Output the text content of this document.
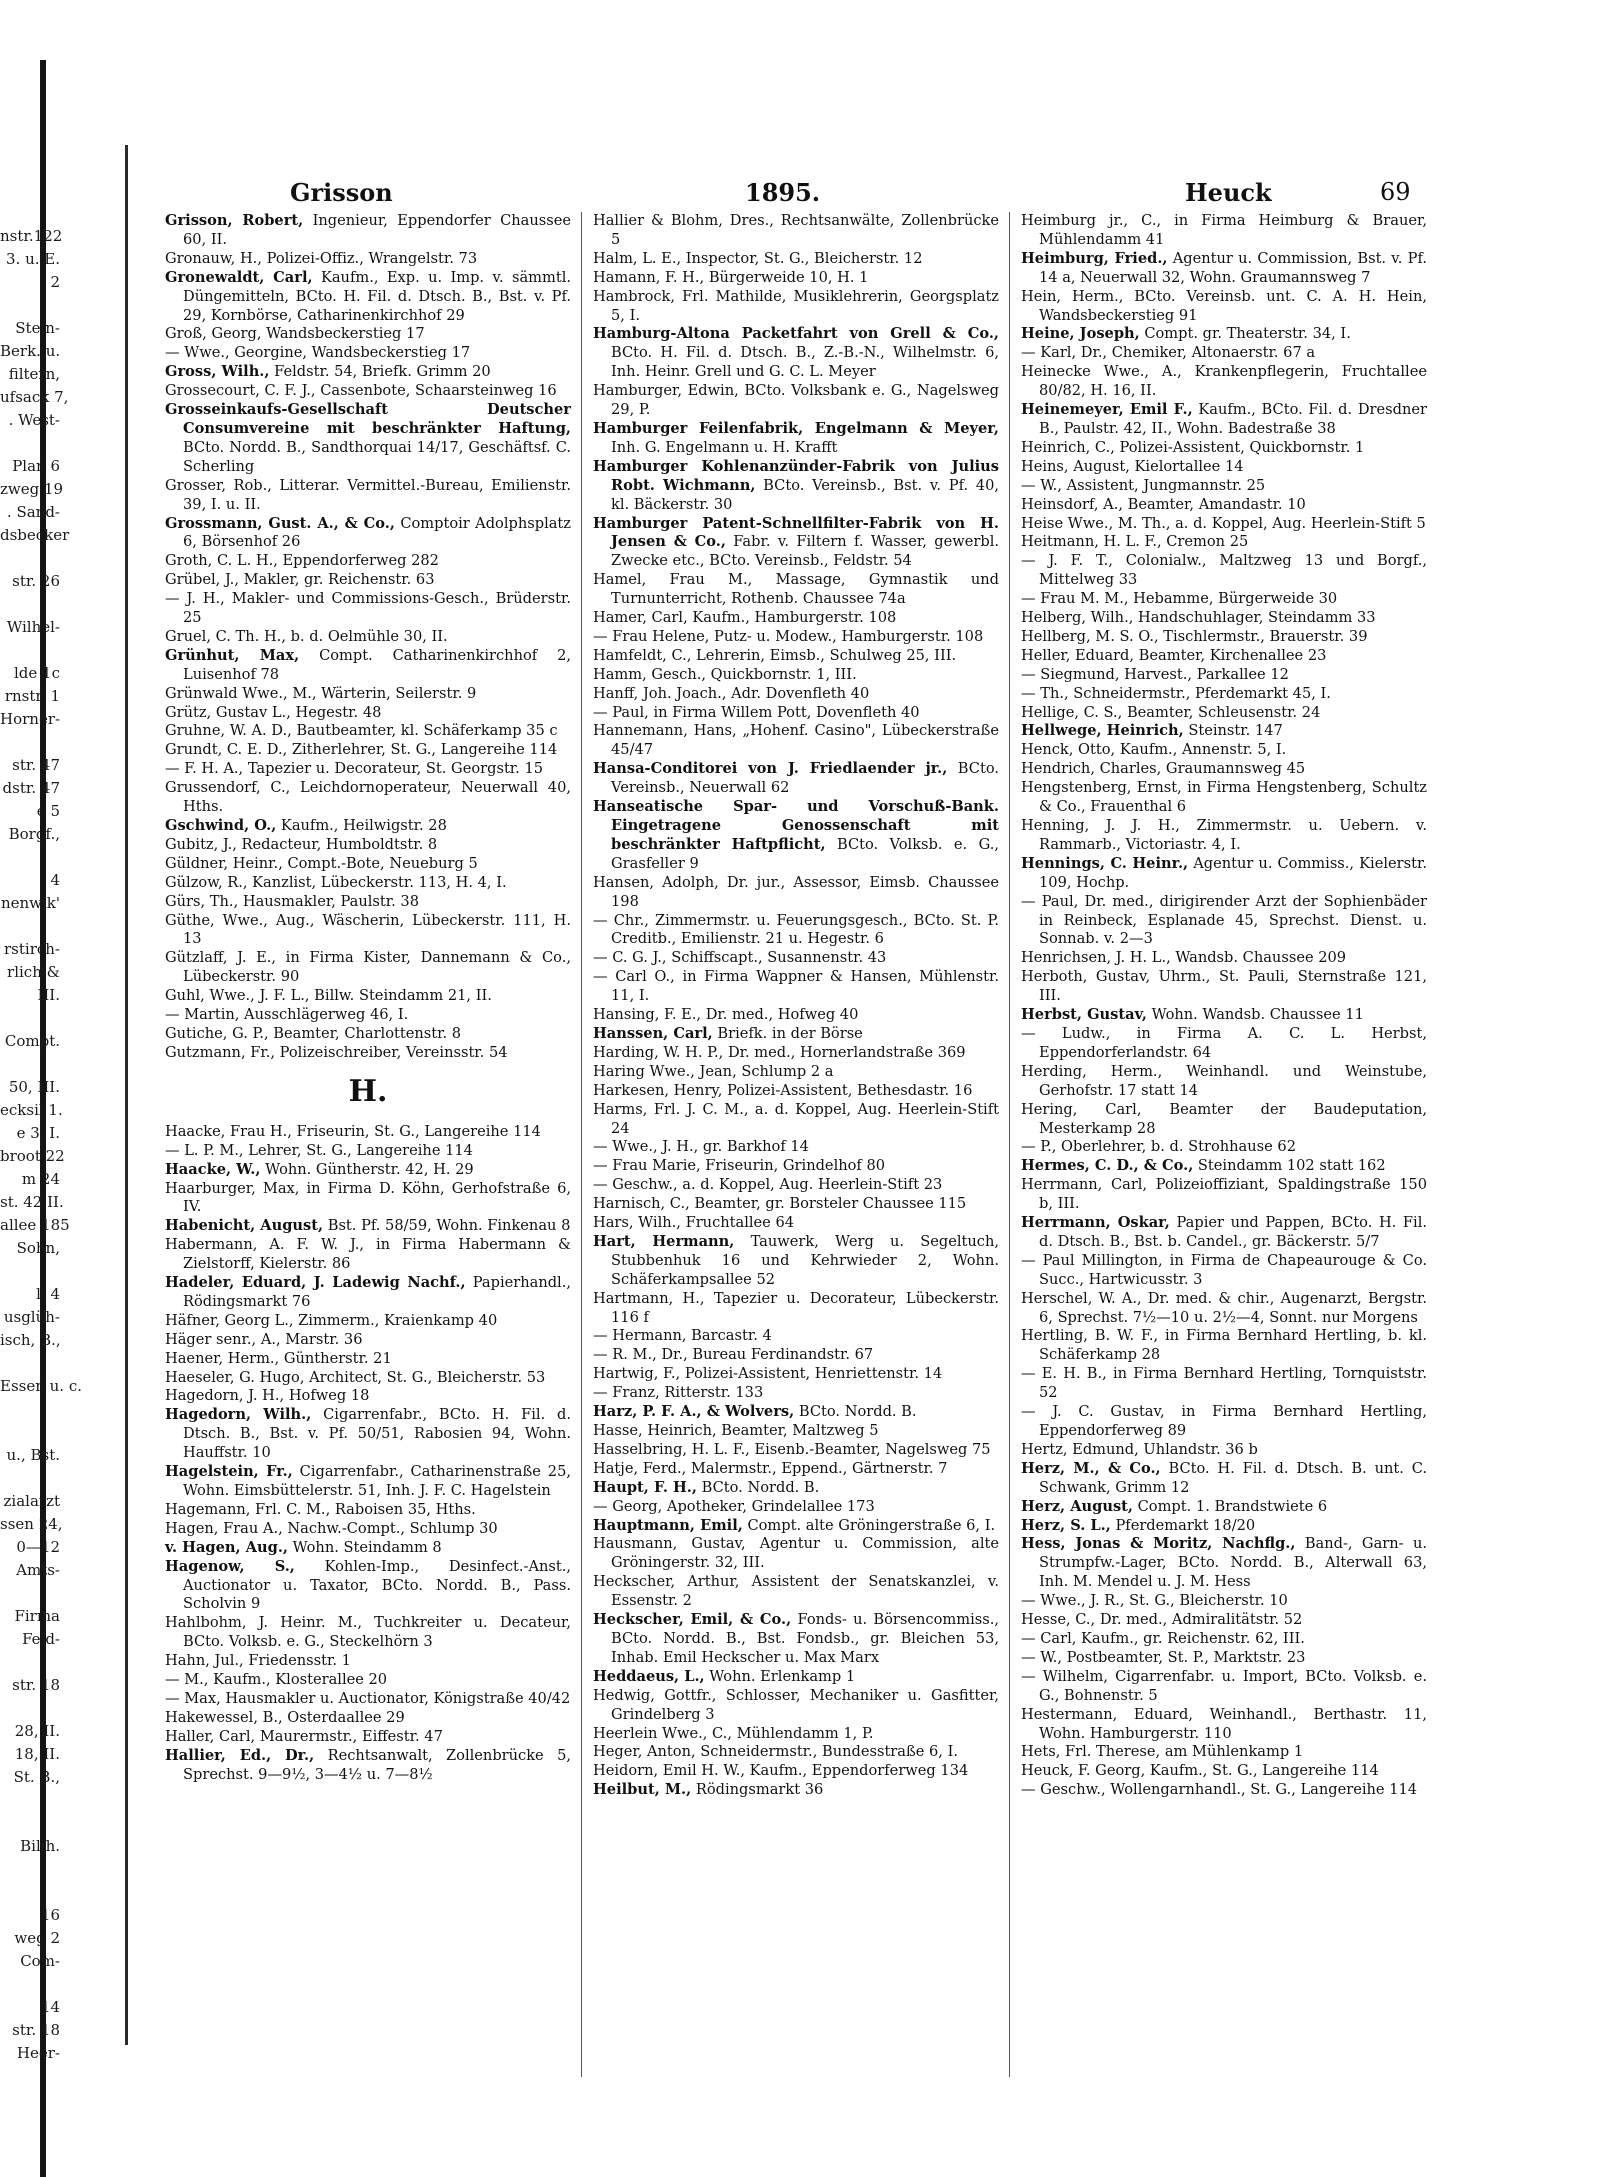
nstr.122
3. u. E.
2
Stein-
Berk. u.
filtern,
ufsack 7,
. West-
Plan 6
zweg 19
. Sand-
dsbecker
str. 26
Wilhel-
lde 1c
rnstr. 1
Horner-
str. 47
dstr. 47
e 5
Borgf.,
4
nenwik'
rstirch-
rlich &
III.
Compt.
50, III.
ecksil 1.
e 3, I.
broot 22
m 24
st. 42 II.
allee 185
Sohn,
ll 4
usglüh-
isch, B.,
Essen u. c.
u., Bst.
zialarzt
ssen 24,
0—12
Amts-
Firma
Feld-
str. 18
28, II.
18, II.
St. B.,
Billh.
16
weg 2
Com-
14
str. 18
Heer-
Grisson	1895.	Heuck	69

Grisson, Robert, Ingenieur, Eppendorfer Chaussee 60, II.

Gronauw, H., Polizei-Offiz., Wrangelstr. 73

Gronewaldt, Carl, Kaufm., Exp. u. Imp. v. sämmtl. Düngemitteln, BCto. H. Fil. d. Dtsch. B., Bst. v. Pf. 29, Kornbörse, Catharinenkirchhof 29

Groß, Georg, Wandsbeckerstieg 17

— Wwe., Georgine, Wandsbeckerstieg 17

Gross, Wilh., Feldstr. 54, Briefk. Grimm 20

Grossecourt, C. F. J., Cassenbote, Schaarsteinweg 16

Grosseinkaufs-Gesellschaft Deutscher Consumvereine mit beschränkter Haftung, BCto. Nordd. B., Sandthorquai 14/17, Geschäftsf. C. Scherling

Grosser, Rob., Litterar. Vermittel.-Bureau, Emilienstr. 39, I. u. II.

Grossmann, Gust. A., & Co., Comptoir Adolphsplatz 6, Börsenhof 26

Groth, C. L. H., Eppendorferweg 282

Grübel, J., Makler, gr. Reichenstr. 63

— J. H., Makler- und Commissions-Gesch., Brüderstr. 25

Gruel, C. Th. H., b. d. Oelmühle 30, II.

Grünhut, Max, Compt. Catharinenkirchhof 2, Luisenhof 78

Grünwald Wwe., M., Wärterin, Seilerstr. 9

Grütz, Gustav L., Hegestr. 48

Gruhne, W. A. D., Bautbeamter, kl. Schäferkamp 35 c

Grundt, C. E. D., Zitherlehrer, St. G., Langereihe 114

— F. H. A., Tapezier u. Decorateur, St. Georgstr. 15

Grussendorf, C., Leichdornoperateur, Neuerwall 40, Hths.

Gschwind, O., Kaufm., Heilwigstr. 28

Gubitz, J., Redacteur, Humboldtstr. 8

Güldner, Heinr., Compt.-Bote, Neueburg 5

Gülzow, R., Kanzlist, Lübeckerstr. 113, H. 4, I.

Gürs, Th., Hausmakler, Paulstr. 38

Güthe, Wwe., Aug., Wäscherin, Lübeckerstr. 111, H. 13

Gützlaff, J. E., in Firma Kister, Dannemann & Co., Lübeckerstr. 90

Guhl, Wwe., J. F. L., Billw. Steindamm 21, II.

— Martin, Ausschlägerweg 46, I.

Gutiche, G. P., Beamter, Charlottenstr. 8

Gutzmann, Fr., Polizeischreiber, Vereinsstr. 54

H.

Haacke, Frau H., Friseurin, St. G., Langereihe 114

— L. P. M., Lehrer, St. G., Langereihe 114

Haacke, W., Wohn. Güntherstr. 42, H. 29

Haarburger, Max, in Firma D. Köhn, Gerhofstraße 6, IV.

Habenicht, August, Bst. Pf. 58/59, Wohn. Finkenau 8

Habermann, A. F. W. J., in Firma Habermann & Zielstorff, Kielerstr. 86

Hadeler, Eduard, J. Ladewig Nachf., Papierhandl., Rödingsmarkt 76

Häfner, Georg L., Zimmerm., Kraienkamp 40

Häger senr., A., Marstr. 36

Haener, Herm., Güntherstr. 21

Haeseler, G. Hugo, Architect, St. G., Bleicherstr. 53

Hagedorn, J. H., Hofweg 18

Hagedorn, Wilh., Cigarrenfabr., BCto. H. Fil. d. Dtsch. B., Bst. v. Pf. 50/51, Rabosien 94, Wohn. Hauffstr. 10

Hagelstein, Fr., Cigarrenfabr., Catharinenstraße 25, Wohn. Eimsbüttelerstr. 51, Inh. J. F. C. Hagelstein

Hagemann, Frl. C. M., Raboisen 35, Hths.

Hagen, Frau A., Nachw.-Compt., Schlump 30

v. Hagen, Aug., Wohn. Steindamm 8

Hagenow, S., Kohlen-Imp., Desinfect.-Anst., Auctionator u. Taxator, BCto. Nordd. B., Pass. Scholvin 9

Hahlbohm, J. Heinr. M., Tuchkreiter u. Decateur, BCto. Volksb. e. G., Steckelhörn 3

Hahn, Jul., Friedensstr. 1

— M., Kaufm., Klosterallee 20

— Max, Hausmakler u. Auctionator, Königstraße 40/42

Hakewessel, B., Osterdaallee 29

Haller, Carl, Maurermstr., Eiffestr. 47

Hallier, Ed., Dr., Rechtsanwalt, Zollenbrücke 5, Sprechst. 9—9½, 3—4½ u. 7—8½

Hallier & Blohm, Dres., Rechtsanwälte, Zollenbrücke 5

Halm, L. E., Inspector, St. G., Bleicherstr. 12

Hamann, F. H., Bürgerweide 10, H. 1

Hambrock, Frl. Mathilde, Musiklehrerin, Georgsplatz 5, I.

Hamburg-Altona Packetfahrt von Grell & Co., BCto. H. Fil. d. Dtsch. B., Z.-B.-N., Wilhelmstr. 6, Inh. Heinr. Grell und G. C. L. Meyer

Hamburger, Edwin, BCto. Volksbank e. G., Nagelsweg 29, P.

Hamburger Feilenfabrik, Engelmann & Meyer, Inh. G. Engelmann u. H. Krafft

Hamburger Kohlenanzünder-Fabrik von Julius Robt. Wichmann, BCto. Vereinsb., Bst. v. Pf. 40, kl. Bäckerstr. 30

Hamburger Patent-Schnellfilter-Fabrik von H. Jensen & Co., Fabr. v. Filtern f. Wasser, gewerbl. Zwecke etc., BCto. Vereinsb., Feldstr. 54

Hamel, Frau M., Massage, Gymnastik und Turnunterricht, Rothenb. Chaussee 74a

Hamer, Carl, Kaufm., Hamburgerstr. 108

— Frau Helene, Putz- u. Modew., Hamburgerstr. 108

Hamfeldt, C., Lehrerin, Eimsb., Schulweg 25, III.

Hamm, Gesch., Quickbornstr. 1, III.

Hanff, Joh. Joach., Adr. Dovenfleth 40

— Paul, in Firma Willem Pott, Dovenfleth 40

Hannemann, Hans, „Hohenf. Casino", Lübeckerstraße 45/47

Hansa-Conditorei von J. Friedlaender jr., BCto. Vereinsb., Neuerwall 62

Hanseatische Spar- und Vorschuß-Bank. Eingetragene Genossenschaft mit beschränkter Haftpflicht, BCto. Volksb. e. G., Grasfeller 9

Hansen, Adolph, Dr. jur., Assessor, Eimsb. Chaussee 198

— Chr., Zimmermstr. u. Feuerungsgesch., BCto. St. P. Creditb., Emilienstr. 21 u. Hegestr. 6

— C. G. J., Schiffscapt., Susannenstr. 43

— Carl O., in Firma Wappner & Hansen, Mühlenstr. 11, I.

Hansing, F. E., Dr. med., Hofweg 40

Hanssen, Carl, Briefk. in der Börse

Harding, W. H. P., Dr. med., Hornerlandstraße 369

Haring Wwe., Jean, Schlump 2 a

Harkesen, Henry, Polizei-Assistent, Bethesdastr. 16

Harms, Frl. J. C. M., a. d. Koppel, Aug. Heerlein-Stift 24

— Wwe., J. H., gr. Barkhof 14

— Frau Marie, Friseurin, Grindelhof 80

— Geschw., a. d. Koppel, Aug. Heerlein-Stift 23

Harnisch, C., Beamter, gr. Borsteler Chaussee 115

Hars, Wilh., Fruchtallee 64

Hart, Hermann, Tauwerk, Werg u. Segeltuch, Stubbenhuk 16 und Kehrwieder 2, Wohn. Schäferkampsallee 52

Hartmann, H., Tapezier u. Decorateur, Lübeckerstr. 116 f

— Hermann, Barcastr. 4

— R. M., Dr., Bureau Ferdinandstr. 67

Hartwig, F., Polizei-Assistent, Henriettenstr. 14

— Franz, Ritterstr. 133

Harz, P. F. A., & Wolvers, BCto. Nordd. B.

Hasse, Heinrich, Beamter, Maltzweg 5

Hasselbring, H. L. F., Eisenb.-Beamter, Nagelsweg 75

Hatje, Ferd., Malermstr., Eppend., Gärtnerstr. 7

Haupt, F. H., BCto. Nordd. B.

— Georg, Apotheker, Grindelallee 173

Hauptmann, Emil, Compt. alte Gröningerstraße 6, I.

Hausmann, Gustav, Agentur u. Commission, alte Gröningerstr. 32, III.

Heckscher, Arthur, Assistent der Senatskanzlei, v. Essenstr. 2

Heckscher, Emil, & Co., Fonds- u. Börsencommiss., BCto. Nordd. B., Bst. Fondsb., gr. Bleichen 53, Inhab. Emil Heckscher u. Max Marx

Heddaeus, L., Wohn. Erlenkamp 1

Hedwig, Gottfr., Schlosser, Mechaniker u. Gasfitter, Grindelberg 3

Heerlein Wwe., C., Mühlendamm 1, P.

Heger, Anton, Schneidermstr., Bundesstraße 6, I.

Heidorn, Emil H. W., Kaufm., Eppendorferweg 134

Heilbut, M., Rödingsmarkt 36

Heimburg jr., C., in Firma Heimburg & Brauer, Mühlendamm 41

Heimburg, Fried., Agentur u. Commission, Bst. v. Pf. 14 a, Neuerwall 32, Wohn. Graumannsweg 7

Hein, Herm., BCto. Vereinsb. unt. C. A. H. Hein, Wandsbeckerstieg 91

Heine, Joseph, Compt. gr. Theaterstr. 34, I.

— Karl, Dr., Chemiker, Altonaerstr. 67 a

Heinecke Wwe., A., Krankenpflegerin, Fruchtallee 80/82, H. 16, II.

Heinemeyer, Emil F., Kaufm., BCto. Fil. d. Dresdner B., Paulstr. 42, II., Wohn. Badestraße 38

Heinrich, C., Polizei-Assistent, Quickbornstr. 1

Heins, August, Kielortallee 14

— W., Assistent, Jungmannstr. 25

Heinsdorf, A., Beamter, Amandastr. 10

Heise Wwe., M. Th., a. d. Koppel, Aug. Heerlein-Stift 5

Heitmann, H. L. F., Cremon 25

— J. F. T., Colonialw., Maltzweg 13 und Borgf., Mittelweg 33

— Frau M. M., Hebamme, Bürgerweide 30

Helberg, Wilh., Handschuhlager, Steindamm 33

Hellberg, M. S. O., Tischlermstr., Brauerstr. 39

Heller, Eduard, Beamter, Kirchenallee 23

— Siegmund, Harvest., Parkallee 12

— Th., Schneidermstr., Pferdemarkt 45, I.

Hellige, C. S., Beamter, Schleusenstr. 24

Hellwege, Heinrich, Steinstr. 147

Henck, Otto, Kaufm., Annenstr. 5, I.

Hendrich, Charles, Graumannsweg 45

Hengstenberg, Ernst, in Firma Hengstenberg, Schultz & Co., Frauenthal 6

Henning, J. J. H., Zimmermstr. u. Uebern. v. Rammarb., Victoriastr. 4, I.

Hennings, C. Heinr., Agentur u. Commiss., Kielerstr. 109, Hochp.

— Paul, Dr. med., dirigirender Arzt der Sophienbäder in Reinbeck, Esplanade 45, Sprechst. Dienst. u. Sonnab. v. 2—3

Henrichsen, J. H. L., Wandsb. Chaussee 209

Herboth, Gustav, Uhrm., St. Pauli, Sternstraße 121, III.

Herbst, Gustav, Wohn. Wandsb. Chaussee 11

— Ludw., in Firma A. C. L. Herbst, Eppendorferlandstr. 64

Herding, Herm., Weinhandl. und Weinstube, Gerhofstr. 17 statt 14

Hering, Carl, Beamter der Baudeputation, Mesterkamp 28

— P., Oberlehrer, b. d. Strohhause 62

Hermes, C. D., & Co., Steindamm 102 statt 162

Herrmann, Carl, Polizeioffiziant, Spaldingstraße 150 b, III.

Herrmann, Oskar, Papier und Pappen, BCto. H. Fil. d. Dtsch. B., Bst. b. Candel., gr. Bäckerstr. 5/7

— Paul Millington, in Firma de Chapeaurouge & Co. Succ., Hartwicusstr. 3

Herschel, W. A., Dr. med. & chir., Augenarzt, Bergstr. 6, Sprechst. 7½—10 u. 2½—4, Sonnt. nur Morgens

Hertling, B. W. F., in Firma Bernhard Hertling, b. kl. Schäferkamp 28

— E. H. B., in Firma Bernhard Hertling, Tornquiststr. 52

— J. C. Gustav, in Firma Bernhard Hertling, Eppendorferweg 89

Hertz, Edmund, Uhlandstr. 36 b

Herz, M., & Co., BCto. H. Fil. d. Dtsch. B. unt. C. Schwank, Grimm 12

Herz, August, Compt. 1. Brandstwiete 6

Herz, S. L., Pferdemarkt 18/20

Hess, Jonas & Moritz, Nachflg., Band-, Garn- u. Strumpfw.-Lager, BCto. Nordd. B., Alterwall 63, Inh. M. Mendel u. J. M. Hess

— Wwe., J. R., St. G., Bleicherstr. 10

Hesse, C., Dr. med., Admiralitätstr. 52

— Carl, Kaufm., gr. Reichenstr. 62, III.

— W., Postbeamter, St. P., Marktstr. 23

— Wilhelm, Cigarrenfabr. u. Import, BCto. Volksb. e. G., Bohnenstr. 5

Hestermann, Eduard, Weinhandl., Berthastr. 11, Wohn. Hamburgerstr. 110

Hets, Frl. Therese, am Mühlenkamp 1

Heuck, F. Georg, Kaufm., St. G., Langereihe 114

— Geschw., Wollengarnhandl., St. G., Langereihe 114
